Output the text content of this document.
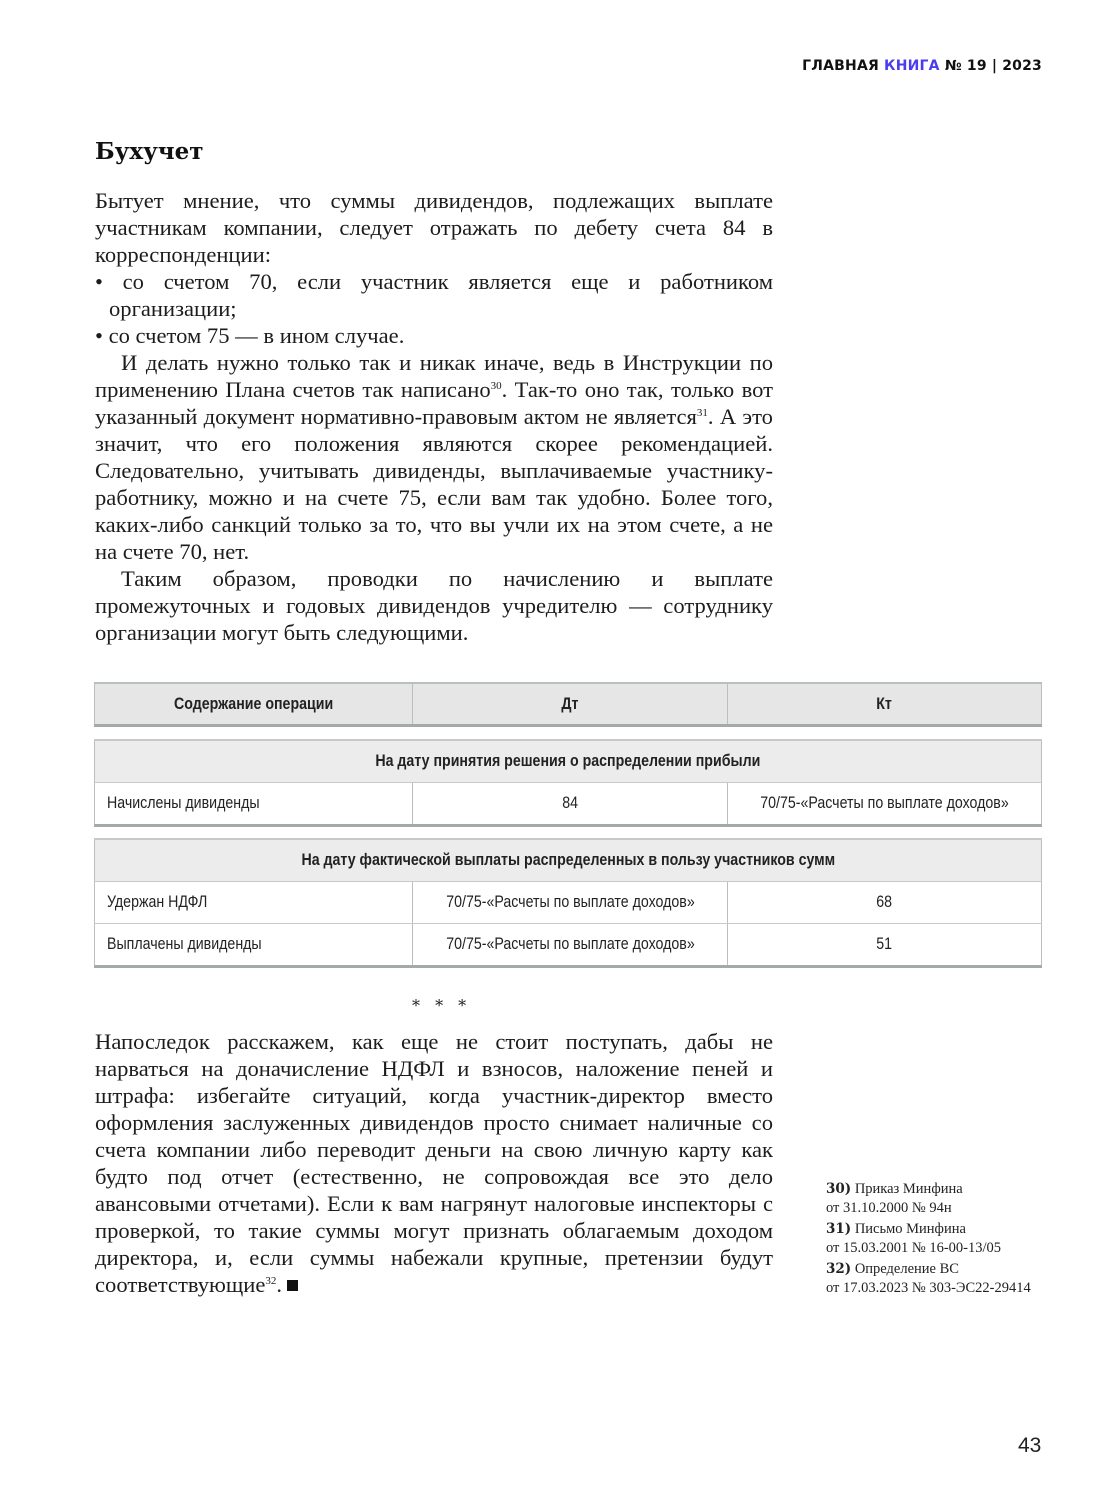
ГЛАВНАЯ КНИГА № 19 | 2023
Бухучет

Бытует мнение, что суммы дивидендов, подлежащих выплате участникам компании, следует отражать по дебету счета 84 в корреспонденции:

• со счетом 70, если участник является еще и работником организации;

• со счетом 75 — в ином случае.

И делать нужно только так и никак иначе, ведь в Инструкции по применению Плана счетов так написано$^{30}$. Так-то оно так, только вот указанный документ нормативно-правовым актом не является$^{31}$. А это значит, что его положения являются скорее рекомендацией. Следовательно, учитывать дивиденды, выплачиваемые участнику-работнику, можно и на счете 75, если вам так удобно. Более того, каких-либо санкций только за то, что вы учли их на этом счете, а не на счете 70, нет.

Таким образом, проводки по начислению и выплате промежуточных и годовых дивидендов учредителю — сотруднику организации могут быть следующими.

Содержание операции	Дт	Кт
На дату принятия решения о распределении прибыли
Начислены дивиденды	84	70/75-«Расчеты по выплате доходов»
На дату фактической выплаты распределенных в пользу участников сумм		
Удержан НДФЛ	70/75-«Расчеты по выплате доходов»	68
Выплачены дивиденды	70/75-«Расчеты по выплате доходов»	51
* * *

Напоследок расскажем, как еще не стоит поступать, дабы не нарваться на доначисление НДФЛ и взносов, наложение пеней и штрафа: избегайте ситуаций, когда участник-директор вместо оформления заслуженных дивидендов просто снимает наличные со счета компании либо переводит деньги на свою личную карту как будто под отчет (естественно, не сопровождая все это дело авансовыми отчетами). Если к вам нагрянут налоговые инспекторы с проверкой, то такие суммы могут признать облагаемым доходом директора, и, если суммы набежали крупные, претензии будут соответствующие$^{32}$.

30) Приказ Минфина
от 31.10.2000 № 94н
31) Письмо Минфина
от 15.03.2001 № 16-00-13/05
32) Определение ВС
от 17.03.2023 № 303-ЭС22-29414
43
